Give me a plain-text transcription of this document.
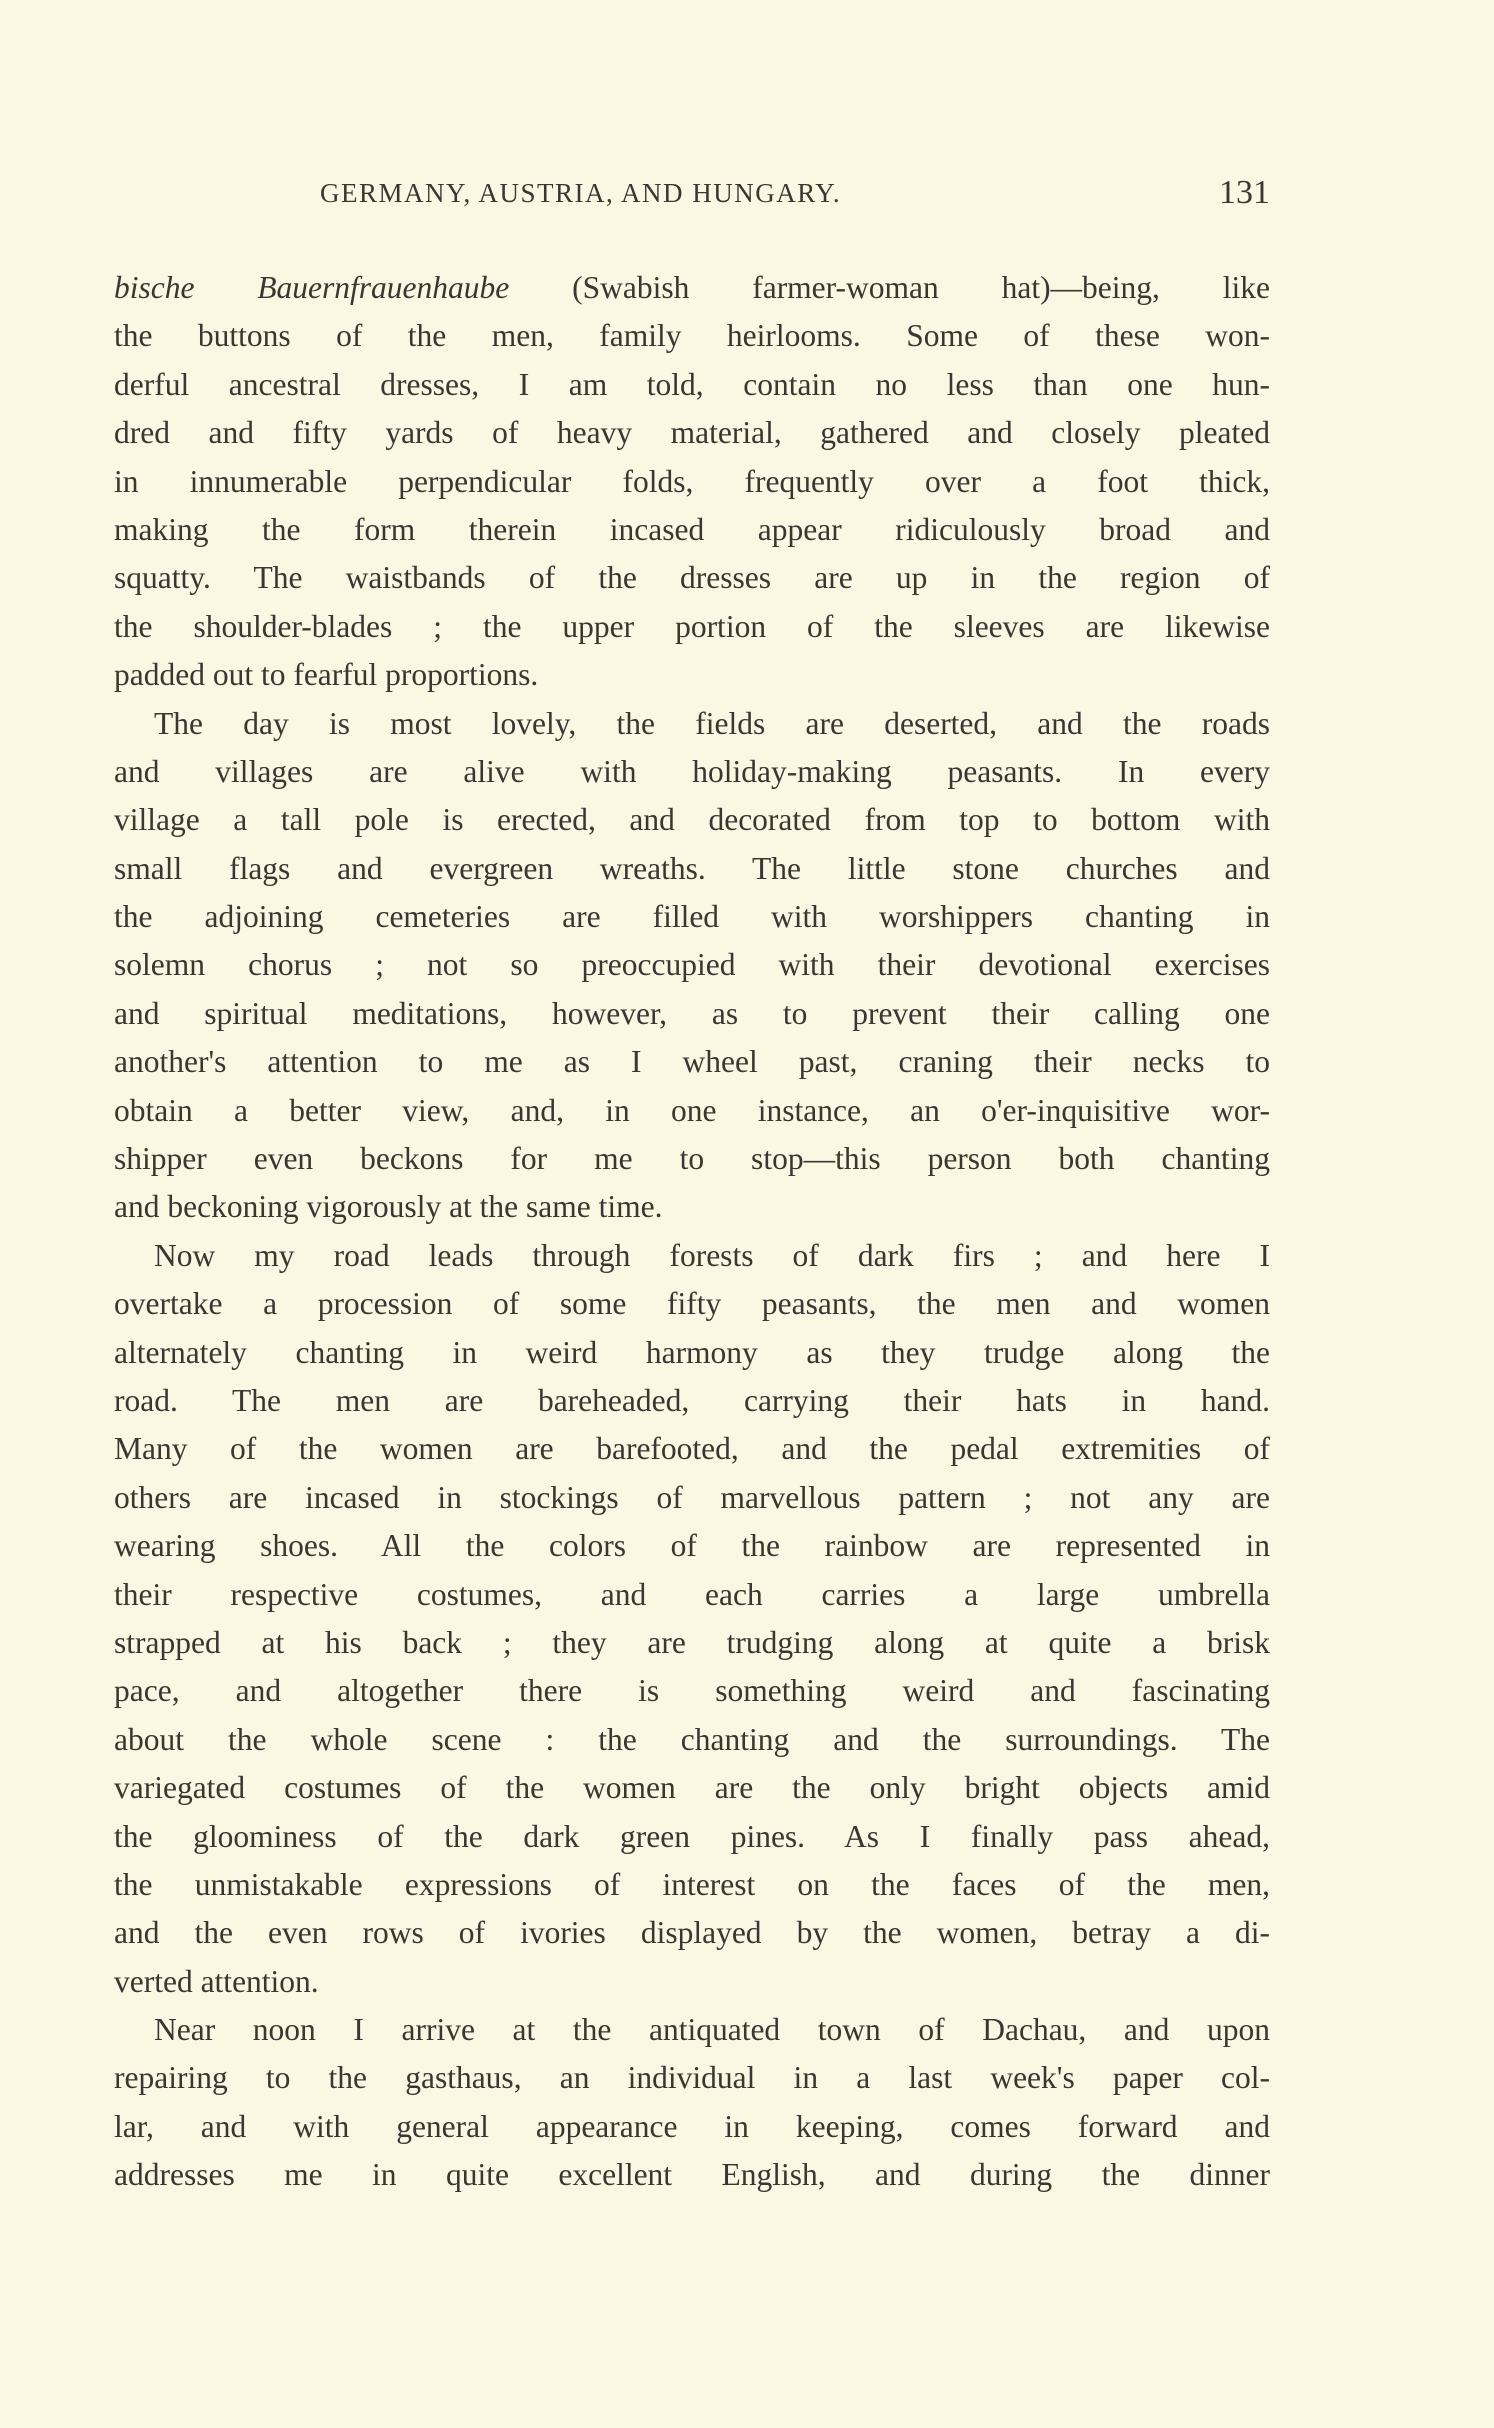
GERMANY, AUSTRIA, AND HUNGARY.	131
bische Bauernfrauenhaube (Swabish farmer-woman hat)—being, like
the buttons of the men, family heirlooms. Some of these won-
derful ancestral dresses, I am told, contain no less than one hun-
dred and fifty yards of heavy material, gathered and closely pleated
in innumerable perpendicular folds, frequently over a foot thick,
making the form therein incased appear ridiculously broad and
squatty. The waistbands of the dresses are up in the region of
the shoulder-blades ; the upper portion of the sleeves are likewise
padded out to fearful proportions.
The day is most lovely, the fields are deserted, and the roads
and villages are alive with holiday-making peasants. In every
village a tall pole is erected, and decorated from top to bottom with
small flags and evergreen wreaths. The little stone churches and
the adjoining cemeteries are filled with worshippers chanting in
solemn chorus ; not so preoccupied with their devotional exercises
and spiritual meditations, however, as to prevent their calling one
another's attention to me as I wheel past, craning their necks to
obtain a better view, and, in one instance, an o'er-inquisitive wor-
shipper even beckons for me to stop—this person both chanting
and beckoning vigorously at the same time.
Now my road leads through forests of dark firs ; and here I
overtake a procession of some fifty peasants, the men and women
alternately chanting in weird harmony as they trudge along the
road. The men are bareheaded, carrying their hats in hand.
Many of the women are barefooted, and the pedal extremities of
others are incased in stockings of marvellous pattern ; not any are
wearing shoes. All the colors of the rainbow are represented in
their respective costumes, and each carries a large umbrella
strapped at his back ; they are trudging along at quite a brisk
pace, and altogether there is something weird and fascinating
about the whole scene : the chanting and the surroundings. The
variegated costumes of the women are the only bright objects amid
the gloominess of the dark green pines. As I finally pass ahead,
the unmistakable expressions of interest on the faces of the men,
and the even rows of ivories displayed by the women, betray a di-
verted attention.
Near noon I arrive at the antiquated town of Dachau, and upon
repairing to the gasthaus, an individual in a last week's paper col-
lar, and with general appearance in keeping, comes forward and
addresses me in quite excellent English, and during the dinner
